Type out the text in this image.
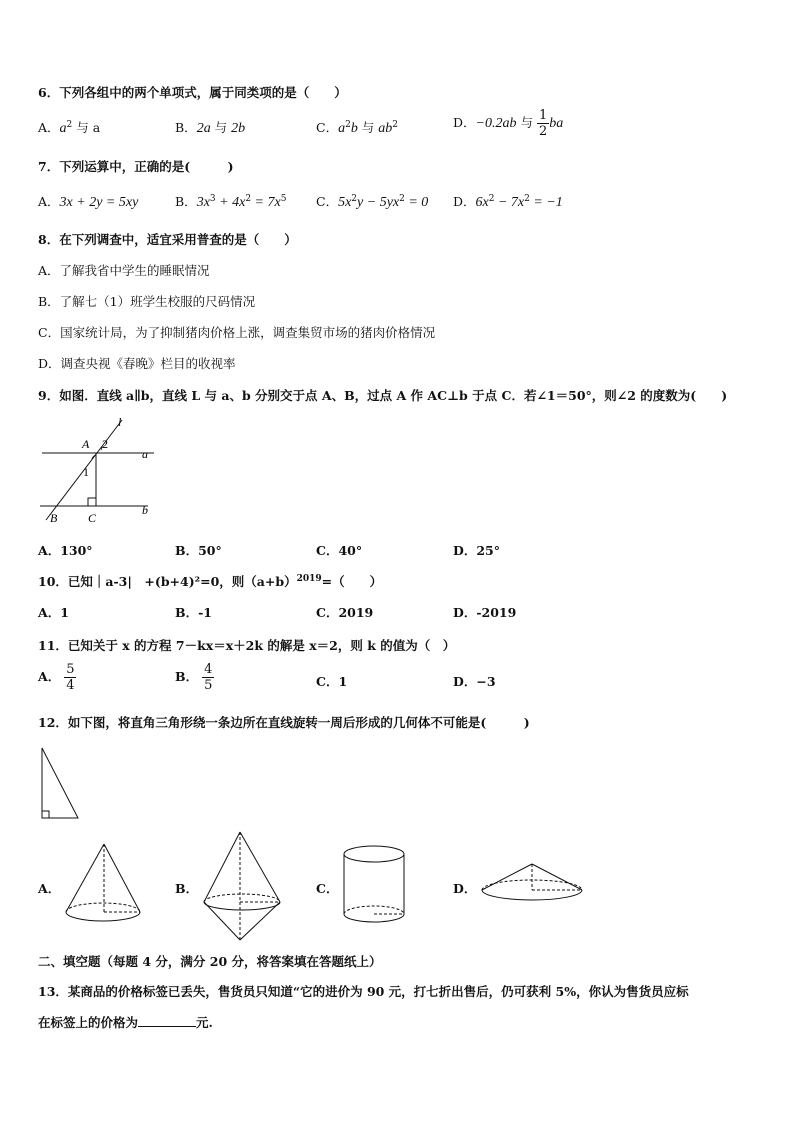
6．下列各组中的两个单项式，属于同类项的是（　　）
A．$a^2$ 与 a	B．2a 与 2b	C．$a^2b$ 与 $ab^2$	D．−0.2ab 与 $\frac{1}{2}$ ba
7．下列运算中，正确的是(　　　)
A．3x + 2y = 5xy	B．$3x^3 + 4x^2 = 7x^5$ C．$5x^2y - 5yx^2 = 0$ D．$6x^2 - 7x^2 = -1$
8．在下列调查中，适宜采用普查的是（　　）
A．了解我省中学生的睡眠情况
B．了解七（1）班学生校服的尺码情况
C．国家统计局，为了抑制猪肉价格上涨，调查集贸市场的猪肉价格情况
D．调查央视《春晚》栏目的收视率
9．如图．直线 a∥b，直线 L 与 a、b 分别交于点 A、B，过点 A 作 AC⊥b 于点 C．若∠1＝50°，则∠2 的度数为(　　)
l
a
b
A 2
1
B	C
A．130°	B．50°	C．40°	D．25°
10．已知｜a-3|　+(b+4)²=0，则$(a+b)^{2019}=$（　　）
A．1	B．-1	C．2019	D．-2019
11．已知关于 x 的方程 7－kx＝x＋2k 的解是 x＝2，则 k 的值为（　）
A． $\frac{5}{4}$	B． $\frac{4}{5}$	C．1	D．−3
12．如下图，将直角三角形绕一条边所在直线旋转一周后形成的几何体不可能是(　　　)
A．	B．	C．	D．
二、填空题（每题 4 分，满分 20 分，将答案填在答题纸上）
13．某商品的价格标签已丢失，售货员只知道“它的进价为 90 元，打七折出售后，仍可获利 5%，你认为售货员应标
在标签上的价格为	元.
